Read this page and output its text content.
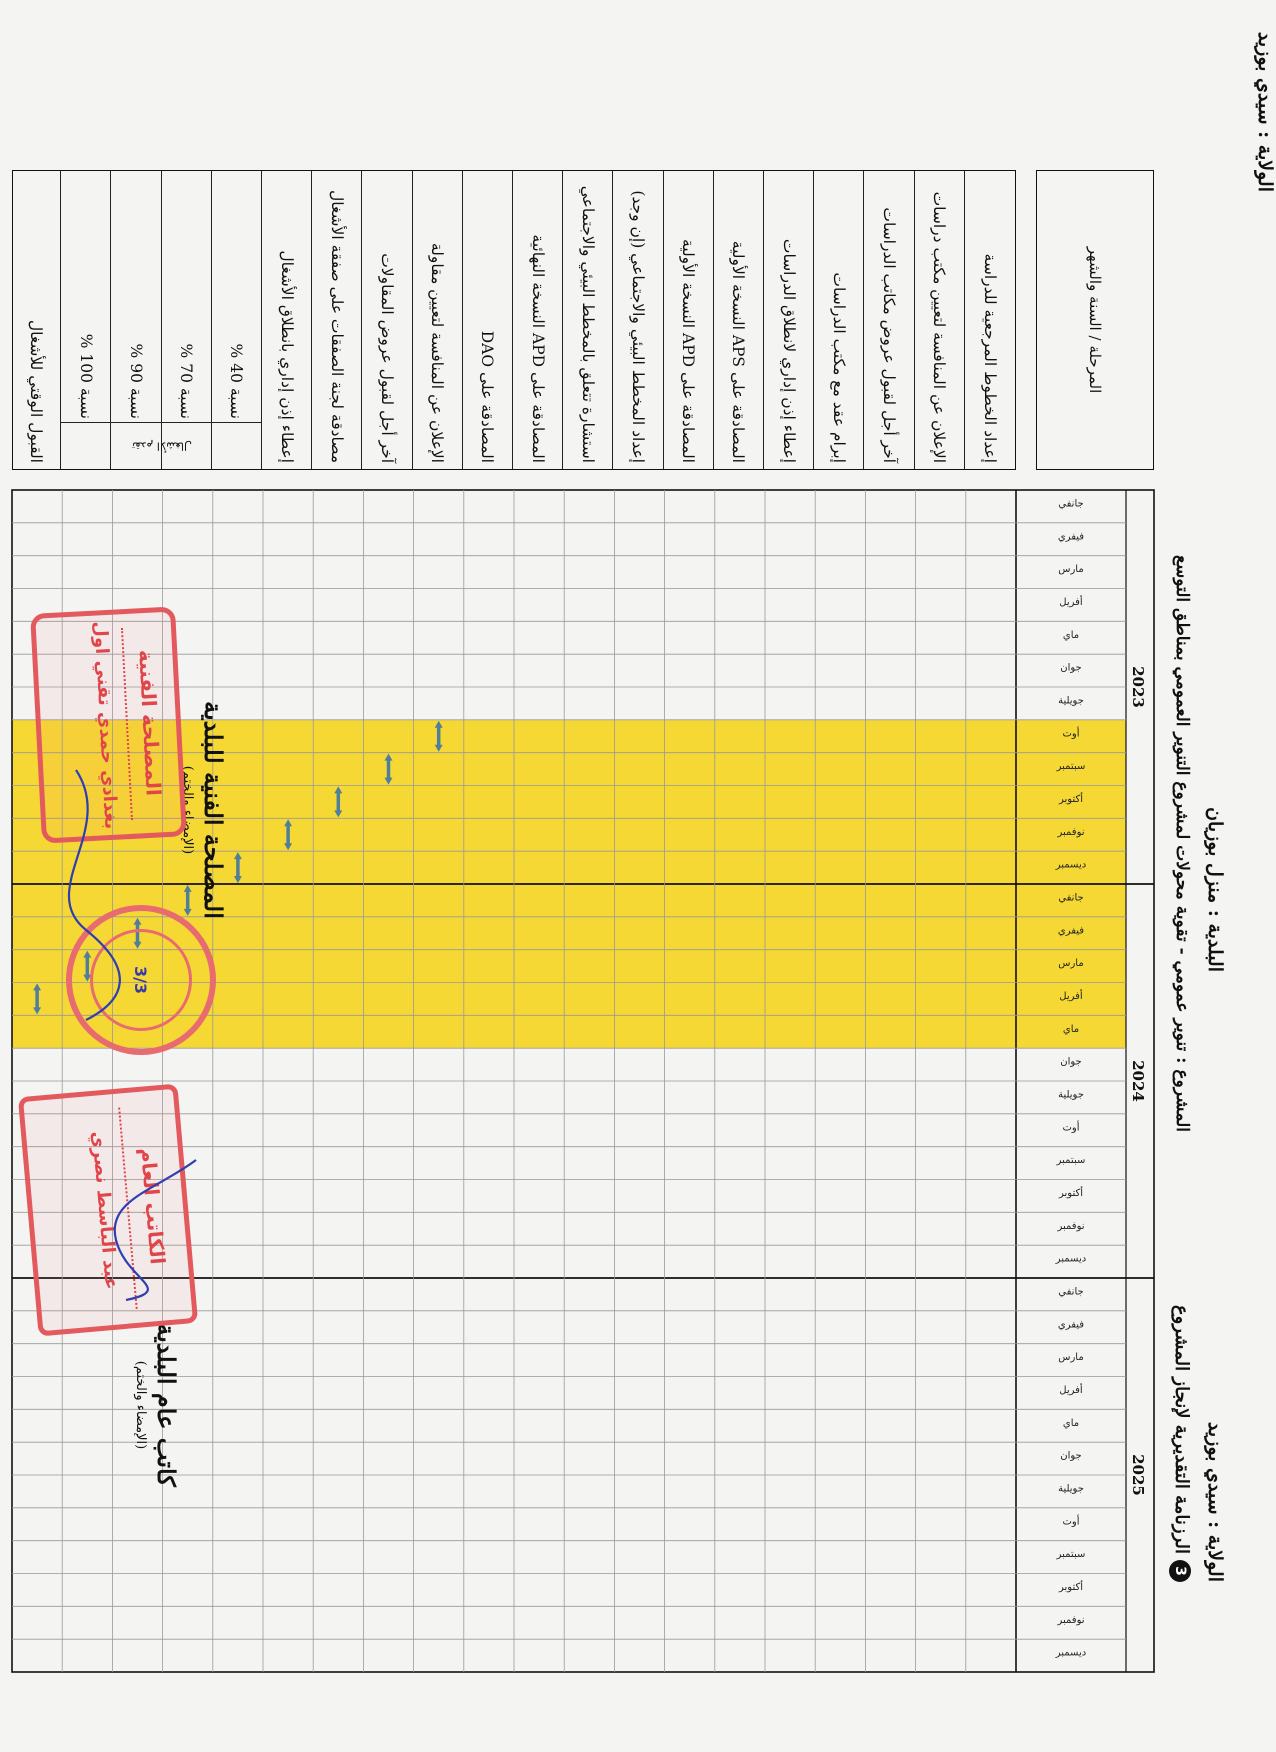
الولاية : سيدي بوزيد
الولاية : سيدي بوزيد
البلدية : منزل بوزيان
3الرزنامة التقديرية لإنجاز المشروع
المشروع : تنوير عمومي - تقوية محولات لمشروع التنوير العمومي بمناطق التوسع
2023
2024
2025
جانفي
فيفري
مارس
أفريل
ماي
جوان
جويلية
أوت
سبتمبر
أكتوبر
نوفمبر
ديسمبر
جانفي
فيفري
مارس
أفريل
ماي
جوان
جويلية
أوت
سبتمبر
أكتوبر
نوفمبر
ديسمبر
جانفي
فيفري
مارس
أفريل
ماي
جوان
جويلية
أوت
سبتمبر
أكتوبر
نوفمبر
ديسمبر
المرحلة / السنة والشهر
إعداد الخطوط المرجعية للدراسة
الإعلان عن المنافسة لتعيين مكتب دراسات
آخر أجل لقبول عروض مكاتب الدراسات
إبرام عقد مع مكتب الدراسات
إعطاء إذن إداري لانطلاق الدراسات
المصادقة على APS النسخة الأولية
المصادقة على APD النسخة الأولية
إعداد المخطط البيئي والاجتماعي (إن وجد)
استشارة تتعلق بالمخطط البيئي والاجتماعي
المصادقة على APD النسخة النهائية
المصادقة على DAO
الإعلان عن المنافسة لتعيين مقاولة
آخر أجل لقبول عروض المقاولات
مصادقة لجنة الصفقات على صفقة الأشغال
إعطاء إذن إداري بانطلاق الأشغال
نسبة 40 %
نسبة 70 %
نسبة 90 %
نسبة 100 %
القبول الوقتي للأشغال	تقدم الأشغال
المصلحة الفنية للبلدية
(الإمضاء والختم)
كاتب عام البلدية
(الإمضاء والختم)
المصلحة الفنية
بغدادي حمدي تقني اول
3/3
الكاتب العام
عبد الباسط نصري
